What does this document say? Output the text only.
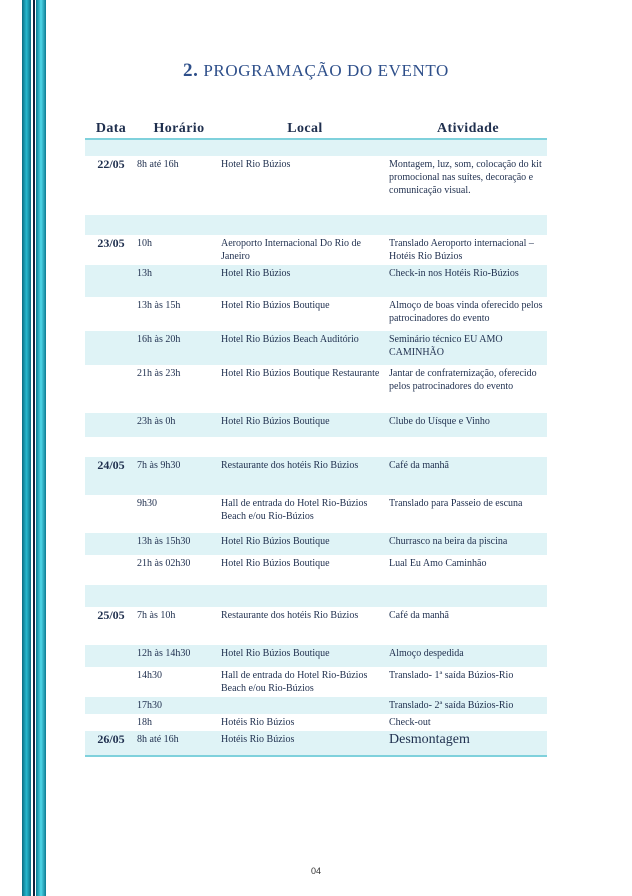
2. PROGRAMAÇÃO DO EVENTO
Data	Horário	Local	Atividade

22/05	8h até 16h	Hotel Rio Búzios	Montagem, luz, som, colocação do kit promocional nas suítes, decoração e comunicação visual.

23/05	10h	Aeroporto Internacional Do Rio de Janeiro	Translado Aeroporto internacional – Hotéis Rio Búzios
	13h	Hotel Rio Búzios	Check-in nos Hotéis Rio-Búzios
	13h às 15h	Hotel Rio Búzios Boutique	Almoço de boas vinda oferecido pelos patrocinadores do evento
	16h às 20h	Hotel Rio Búzios Beach Auditório	Seminário técnico EU AMO CAMINHÃO
	21h às 23h	Hotel Rio Búzios Boutique Restaurante	Jantar de confraternização, oferecido pelos patrocinadores do evento
	23h às 0h	Hotel Rio Búzios Boutique	Clube do Uísque e Vinho

24/05	7h às 9h30	Restaurante dos hotéis Rio Búzios	Café da manhã
	9h30	Hall de entrada do Hotel Rio-Búzios Beach e/ou Rio-Búzios	Translado para Passeio de escuna
	13h às 15h30	Hotel Rio Búzios Boutique	Churrasco na beira da piscina
	21h às 02h30	Hotel Rio Búzios Boutique	Lual Eu Amo Caminhão

25/05	7h às 10h	Restaurante dos hotéis Rio Búzios	Café da manhã
	12h às 14h30	Hotel Rio Búzios Boutique	Almoço despedida
	14h30	Hall de entrada do Hotel Rio-Búzios Beach e/ou Rio-Búzios	Translado- 1ª saída Búzios-Rio
	17h30		Translado- 2ª saída Búzios-Rio
	18h	Hotéis Rio Búzios	Check-out
26/05	8h até 16h	Hotéis Rio Búzios	Desmontagem
04
